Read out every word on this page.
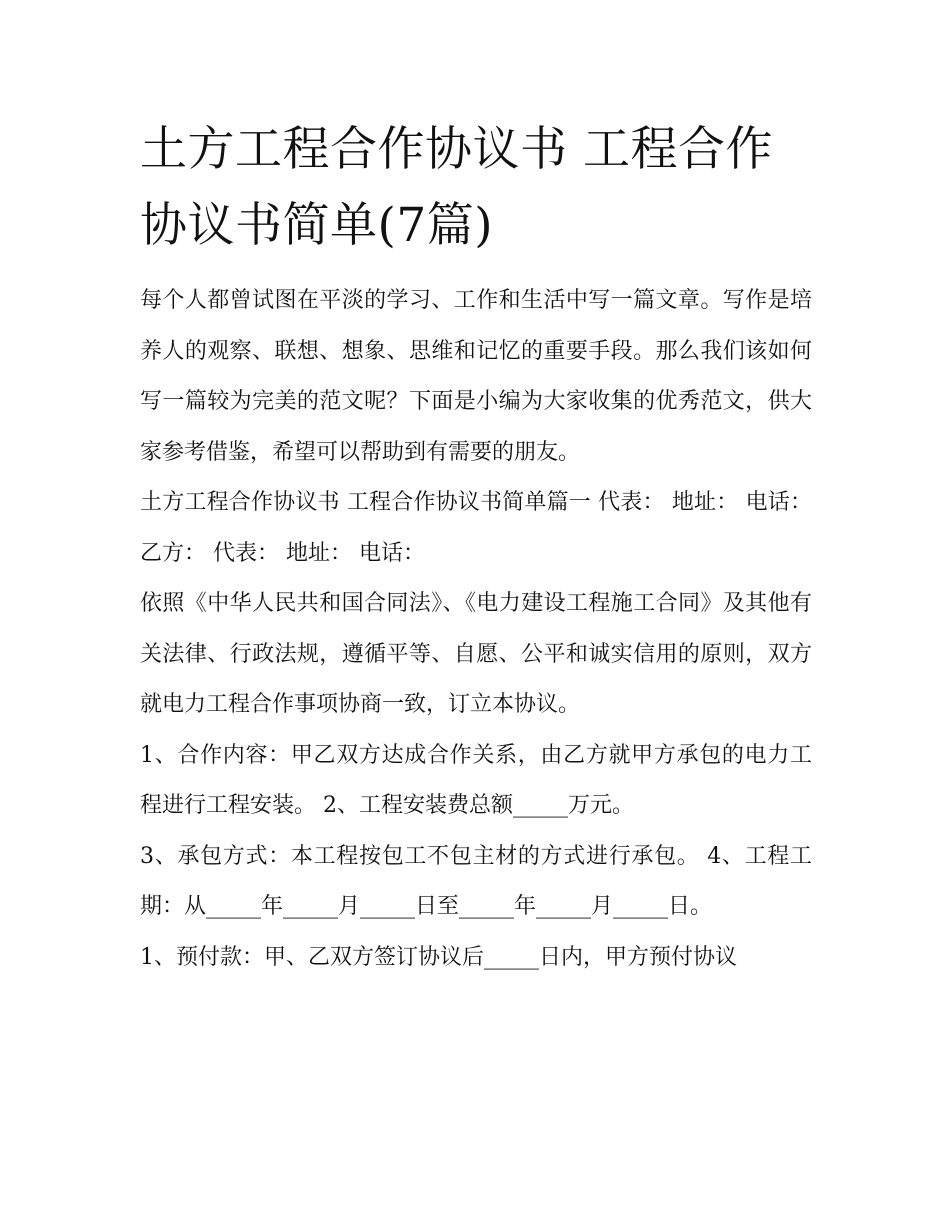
土方工程合作协议书 工程合作协议书简单(7篇)

每个人都曾试图在平淡的学习、工作和生活中写一篇文章。写作是培养人的观察、联想、想象、思维和记忆的重要手段。那么我们该如何写一篇较为完美的范文呢？下面是小编为大家收集的优秀范文，供大家参考借鉴，希望可以帮助到有需要的朋友。

土方工程合作协议书 工程合作协议书简单篇一 代表： 地址： 电话： 乙方： 代表： 地址： 电话：

依照《中华人民共和国合同法》、《电力建设工程施工合同》及其他有关法律、行政法规，遵循平等、自愿、公平和诚实信用的原则，双方就电力工程合作事项协商一致，订立本协议。

1、合作内容：甲乙双方达成合作关系，由乙方就甲方承包的电力工程进行工程安装。 2、工程安装费总额_____万元。

3、承包方式：本工程按包工不包主材的方式进行承包。 4、工程工期：从_____年_____月_____日至_____年_____月_____日。

1、预付款：甲、乙双方签订协议后_____日内，甲方预付协议
